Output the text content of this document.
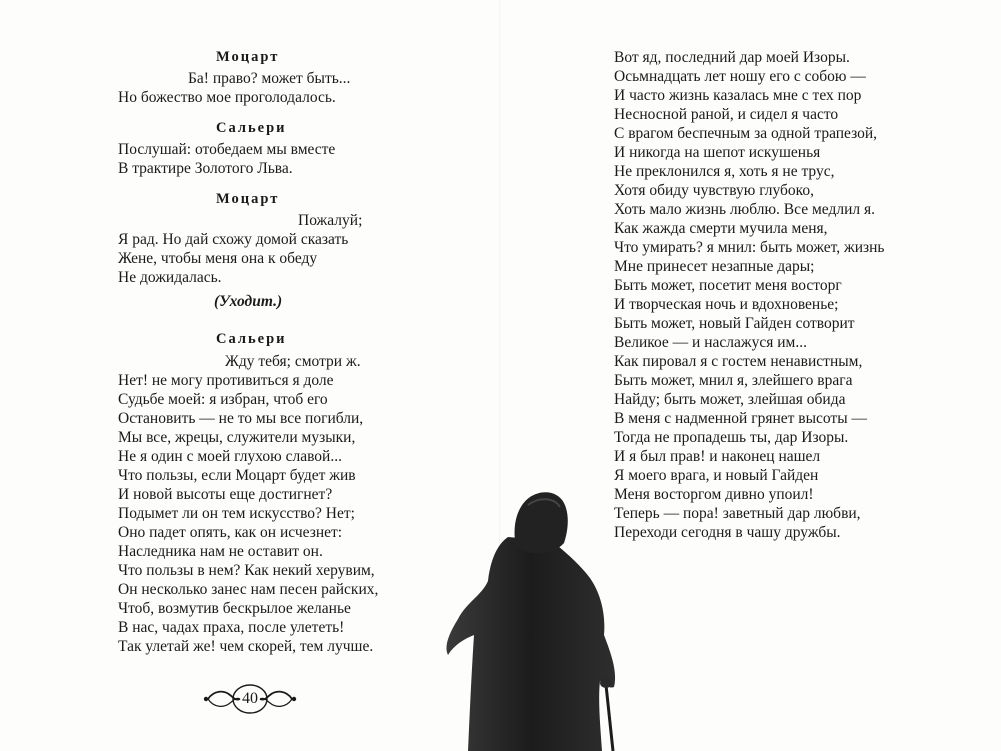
Моцарт
Ба! право? может быть...
Но божество мое проголодалось.
Сальери
Послушай: отобедаем мы вместе
В трактире Золотого Льва.
Моцарт
Пожалуй;
Я рад. Но дай схожу домой сказать
Жене, чтобы меня она к обеду
Не дожидалась.
(Уходит.)
Сальери
Жду тебя; смотри ж.
Нет! не могу противиться я доле
Судьбе моей: я избран, чтоб его
Остановить — не то мы все погибли,
Мы все, жрецы, служители музыки,
Не я один с моей глухою славой...
Что пользы, если Моцарт будет жив
И новой высоты еще достигнет?
Подымет ли он тем искусство? Нет;
Оно падет опять, как он исчезнет:
Наследника нам не оставит он.
Что пользы в нем? Как некий херувим,
Он несколько занес нам песен райских,
Чтоб, возмутив бескрылое желанье
В нас, чадах праха, после улететь!
Так улетай же! чем скорей, тем лучше.
40
Вот яд, последний дар моей Изоры.
Осьмнадцать лет ношу его с собою —
И часто жизнь казалась мне с тех пор
Несносной раной, и сидел я часто
С врагом беспечным за одной трапезой,
И никогда на шепот искушенья
Не преклонился я, хоть я не трус,
Хотя обиду чувствую глубоко,
Хоть мало жизнь люблю. Все медлил я.
Как жажда смерти мучила меня,
Что умирать? я мнил: быть может, жизнь
Мне принесет незапные дары;
Быть может, посетит меня восторг
И творческая ночь и вдохновенье;
Быть может, новый Гайден сотворит
Великое — и наслажуся им...
Как пировал я с гостем ненавистным,
Быть может, мнил я, злейшего врага
Найду; быть может, злейшая обида
В меня с надменной грянет высоты —
Тогда не пропадешь ты, дар Изоры.
И я был прав! и наконец нашел
Я моего врага, и новый Гайден
Меня восторгом дивно упоил!
Теперь — пора! заветный дар любви,
Переходи сегодня в чашу дружбы.
